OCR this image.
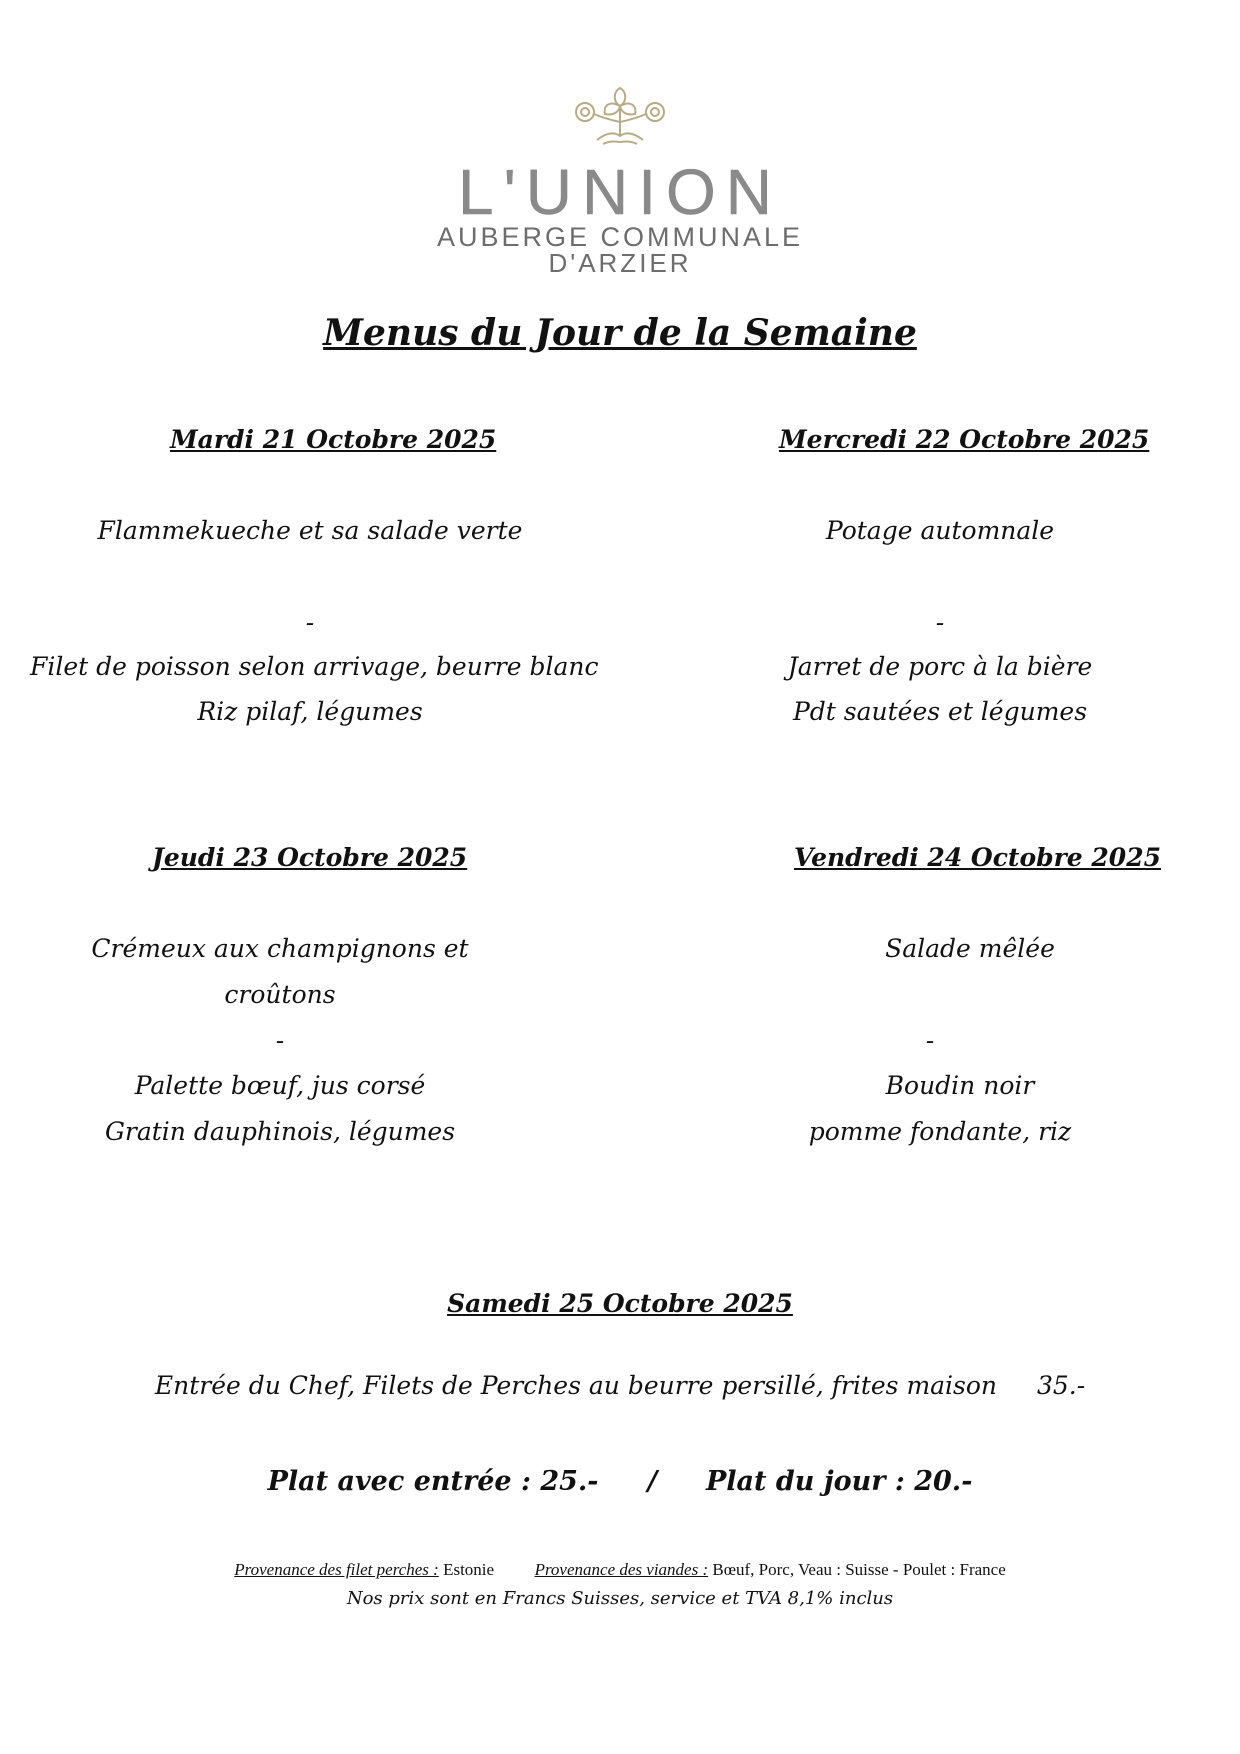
L'UNION
AUBERGE COMMUNALE
D'ARZIER
Menus du Jour de la Semaine
Mardi 21 Octobre 2025
Flammekueche et sa salade verte
-
Filet de poisson selon arrivage, beurre blanc
Riz pilaf, légumes
Mercredi 22 Octobre 2025
Potage automnale
-
Jarret de porc à la bière
Pdt sautées et légumes
Jeudi 23 Octobre 2025
Crémeux aux champignons et
croûtons
-
Palette bœuf, jus corsé
Gratin dauphinois, légumes
Vendredi 24 Octobre 2025
Salade mêlée
-
Boudin noir
pomme fondante, riz
Samedi 25 Octobre 2025
Entrée du Chef, Filets de Perches au beurre persillé, frites maison 35.-
Plat avec entrée : 25.- / Plat du jour : 20.-
Provenance des filet perches : Estonie Provenance des viandes : Bœuf, Porc, Veau : Suisse - Poulet : France
Nos prix sont en Francs Suisses, service et TVA 8,1% inclus
